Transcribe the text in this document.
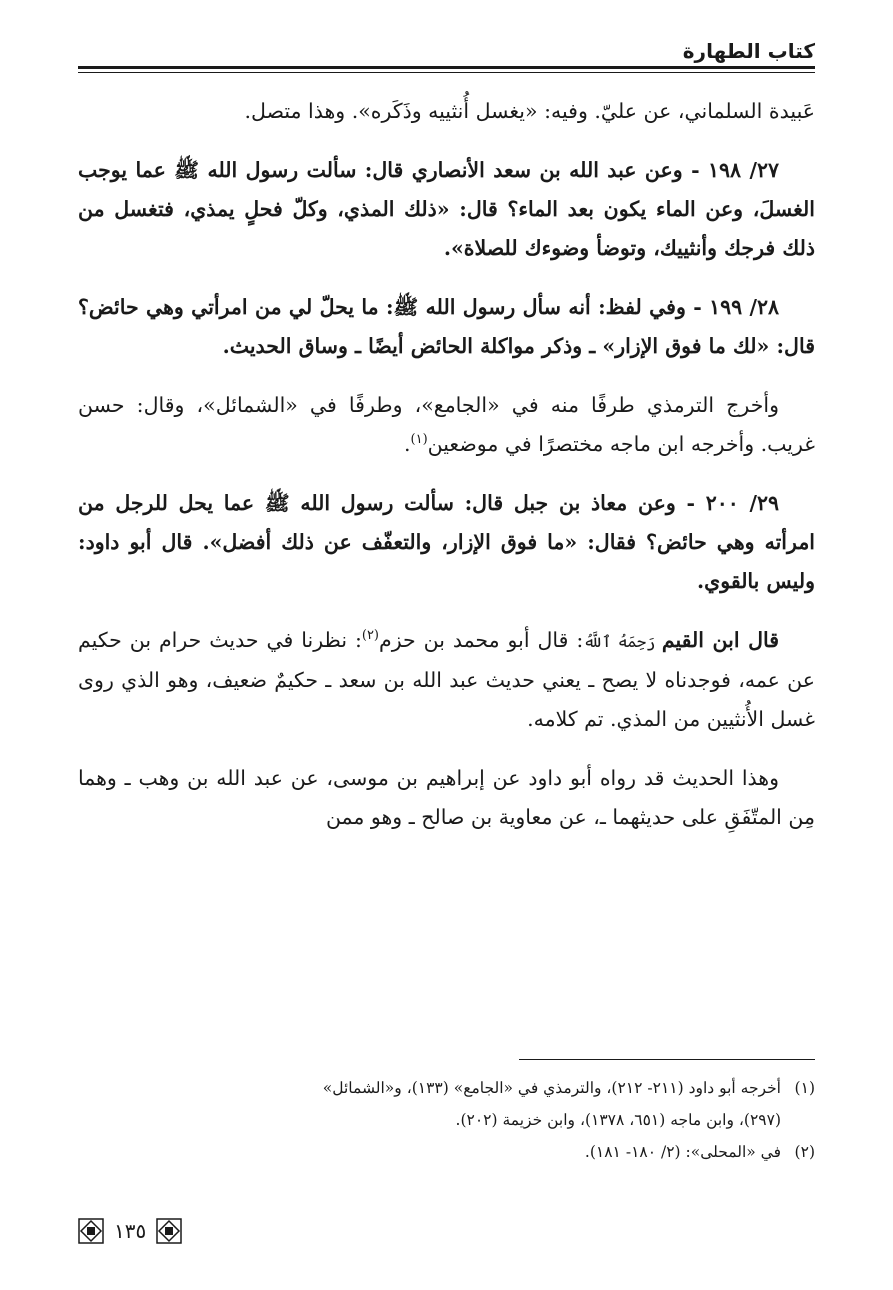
كتاب الطهارة

عَبيدة السلماني، عن عليّ. وفيه: «يغسل أُنثييه وذَكَره». وهذا متصل.

٢٧/ ١٩٨ - وعن عبد الله بن سعد الأنصاري قال: سألت رسول الله ﷺ عما يوجب الغسلَ، وعن الماء يكون بعد الماء؟ قال: «ذلك المذي، وكلّ فحلٍ يمذي، فتغسل من ذلك فرجك وأنثييك، وتوضأ وضوءك للصلاة».

٢٨/ ١٩٩ - وفي لفظ: أنه سأل رسول الله ﷺ: ما يحلّ لي من امرأتي وهي حائض؟ قال: «لك ما فوق الإزار» ـ وذكر مواكلة الحائض أيضًا ـ وساق الحديث.

وأخرج الترمذي طرفًا منه في «الجامع»، وطرفًا في «الشمائل»، وقال: حسن غريب. وأخرجه ابن ماجه مختصرًا في موضعين$^{(١)}$.

٢٩/ ٢٠٠ - وعن معاذ بن جبل قال: سألت رسول الله ﷺ عما يحل للرجل من امرأته وهي حائض؟ فقال: «ما فوق الإزار، والتعفّف عن ذلك أفضل». قال أبو داود: وليس بالقوي.

قال ابن القيم رَحِمَهُ ٱللَّهُ: قال أبو محمد بن حزم$^{(٢)}$: نظرنا في حديث حرام بن حكيم عن عمه، فوجدناه لا يصح ـ يعني حديث عبد الله بن سعد ـ حكيمٌ ضعيف، وهو الذي روى غسل الأُنثيين من المذي. تم كلامه.

وهذا الحديث قد رواه أبو داود عن إبراهيم بن موسى، عن عبد الله بن وهب ـ وهما مِن المتّفَقِ على حديثهما ـ، عن معاوية بن صالح ـ وهو ممن

(١)أخرجه أبو داود (٢١١- ٢١٢)، والترمذي في «الجامع» (١٣٣)، و«الشمائل»

(٢٩٧)، وابن ماجه (٦٥١، ١٣٧٨)، وابن خزيمة (٢٠٢).

(٢)في «المحلى»: (٢/ ١٨٠- ١٨١).

١٣٥
